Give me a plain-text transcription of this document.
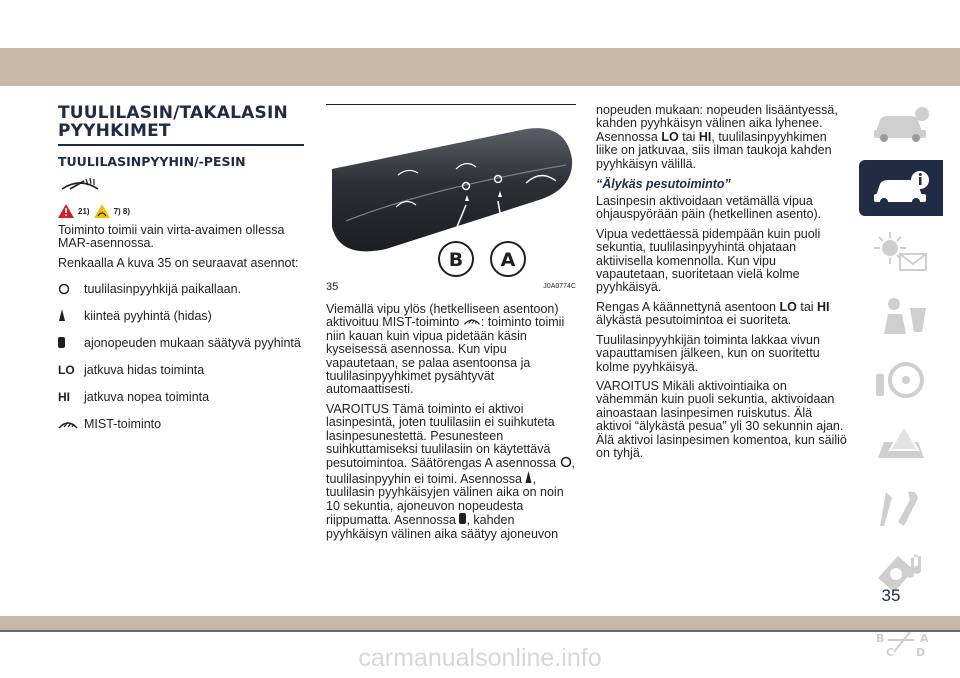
TUULILASIN/TAKALASIN
PYYHKIMET
TUULILASINPYYHIN/-PESIN
21)	7) 8)

Toiminto toimii vain virta-avaimen ollessa MAR-asennossa.

Renkaalla A kuva 35 on seuraavat asennot:

tuulilasinpyyhkijä paikallaan.
kiinteä pyyhintä (hidas)
ajonopeuden mukaan säätyvä pyyhintä
LO jatkuva hidas toiminta
HI	jatkuva nopea toiminta
MIST-toiminto
B A
35	J0A0774C

Viemällä vipu ylös (hetkelliseen asentoon) aktivoituu MIST-toiminto : toiminto toimii niin kauan kuin vipua pidetään käsin kyseisessä asennossa. Kun vipu vapautetaan, se palaa asentoonsa ja tuulilasinpyyhkimet pysähtyvät automaattisesti.

VAROITUS Tämä toiminto ei aktivoi lasinpesintä, joten tuulilasiin ei suihkuteta lasinpesunestettä. Pesunesteen suihkuttamiseksi tuulilasiin on käytettävä pesutoimintoa. Säätörengas A asennossa , tuulilasinpyyhin ei toimi. Asennossa , tuulilasin pyyhkäisyjen välinen aika on noin 10 sekuntia, ajoneuvon nopeudesta riippumatta. Asennossa , kahden pyyhkäisyn välinen aika säätyy ajoneuvon

nopeuden mukaan: nopeuden lisääntyessä, kahden pyyhkäisyn välinen aika lyhenee. Asennossa LO tai HI, tuulilasinpyyhkimen liike on jatkuvaa, siis ilman taukoja kahden pyyhkäisyn välillä.

“Älykäs pesutoiminto”

Lasinpesin aktivoidaan vetämällä vipua ohjauspyörään päin (hetkellinen asento).

Vipua vedettäessä pidempään kuin puoli sekuntia, tuulilasinpyyhintä ohjataan aktiivisella komennolla. Kun vipu vapautetaan, suoritetaan vielä kolme pyyhkäisyä.

Rengas A käännettynä asentoon LO tai HI älykästä pesutoimintoa ei suoriteta.

Tuulilasinpyyhkijän toiminta lakkaa vivun vapauttamisen jälkeen, kun on suoritettu kolme pyyhkäisyä.

VAROITUS Mikäli aktivointiaika on vähemmän kuin puoli sekuntia, aktivoidaan ainoastaan lasinpesimen ruiskutus. Älä aktivoi “älykästä pesua” yli 30 sekunnin ajan. Älä aktivoi lasinpesimen komentoa, kun säiliö on tyhjä.

B	A
C D
35
carmanualsonline.info
